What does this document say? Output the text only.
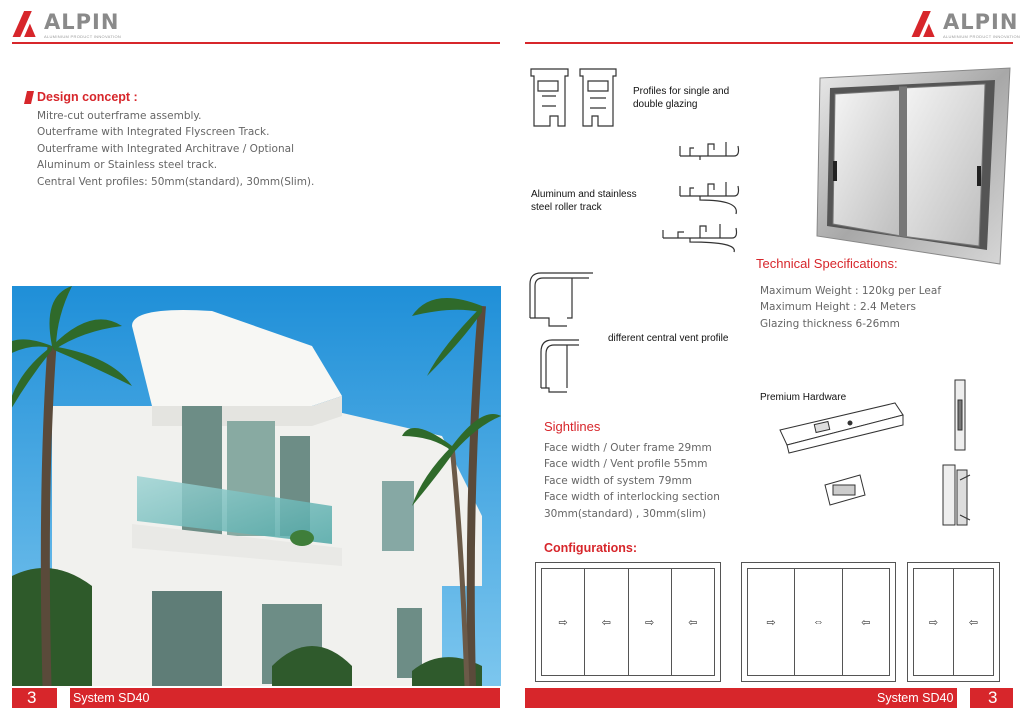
ALPIN
ALUMINIUM PRODUCT INNOVATION
Design concept :
Mitre-cut outerframe assembly.
Outerframe with Integrated Flyscreen Track.
Outerframe with Integrated Architrave / Optional
Aluminum or Stainless steel track.
Central Vent profiles: 50mm(standard), 30mm(Slim).
3	System SD40
ALPIN
ALUMINIUM PRODUCT INNOVATION
Profiles for single and
double glazing
Aluminum and stainless
steel roller track
different central vent profile
Technical Specifications:
Maximum Weight : 120kg per Leaf
Maximum Height : 2.4 Meters
Glazing thickness 6-26mm
Premium Hardware
Sightlines
Face width / Outer frame 29mm
Face width / Vent profile 55mm
Face width of system 79mm
Face width of interlocking section
30mm(standard) , 30mm(slim)
Configurations:
⇨	⇦	⇨	⇦	⇨	⇔	⇦	⇨	⇦
System SD40 3
